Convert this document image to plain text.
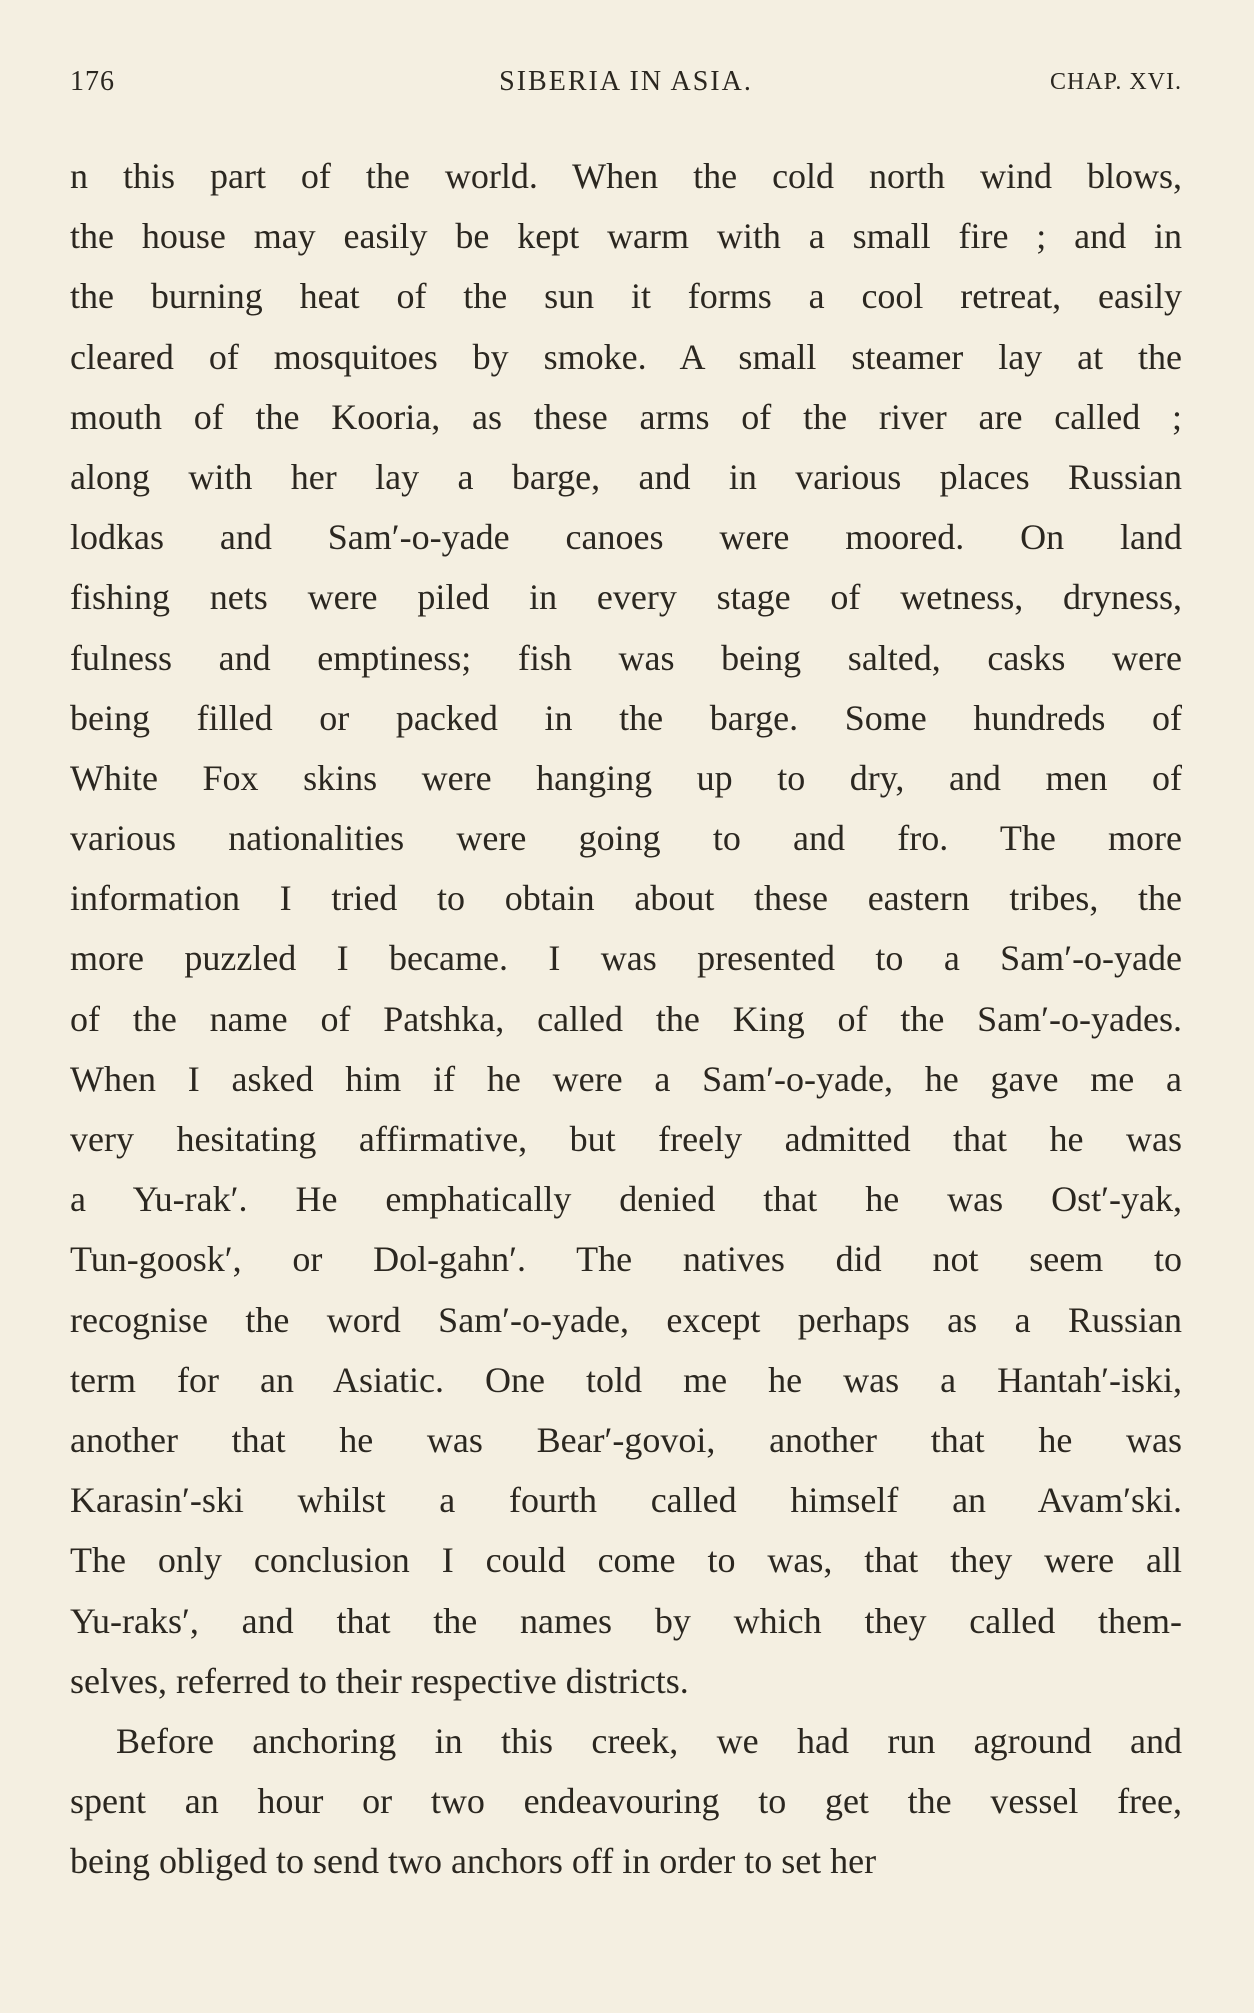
176	SIBERIA IN ASIA.	CHAP. XVI.
n this part of the world. When the cold north wind blows,
the house may easily be kept warm with a small fire ; and in
the burning heat of the sun it forms a cool retreat, easily
cleared of mosquitoes by smoke. A small steamer lay at the
mouth of the Kooria, as these arms of the river are called ;
along with her lay a barge, and in various places Russian
lodkas and Sam′-o-yade canoes were moored. On land
fishing nets were piled in every stage of wetness, dryness,
fulness and emptiness; fish was being salted, casks were
being filled or packed in the barge. Some hundreds of
White Fox skins were hanging up to dry, and men of
various nationalities were going to and fro. The more
information I tried to obtain about these eastern tribes, the
more puzzled I became. I was presented to a Sam′-o-yade
of the name of Patshka, called the King of the Sam′-o-yades.
When I asked him if he were a Sam′-o-yade, he gave me a
very hesitating affirmative, but freely admitted that he was
a Yu-rak′. He emphatically denied that he was Ost′-yak,
Tun-goosk′, or Dol-gahn′. The natives did not seem to
recognise the word Sam′-o-yade, except perhaps as a Russian
term for an Asiatic. One told me he was a Hantah′-iski,
another that he was Bear′-govoi, another that he was
Karasin′-ski whilst a fourth called himself an Avam′ski.
The only conclusion I could come to was, that they were all
Yu-raks′, and that the names by which they called them-
selves, referred to their respective districts.
Before anchoring in this creek, we had run aground and
spent an hour or two endeavouring to get the vessel free,
being obliged to send two anchors off in order to set her
